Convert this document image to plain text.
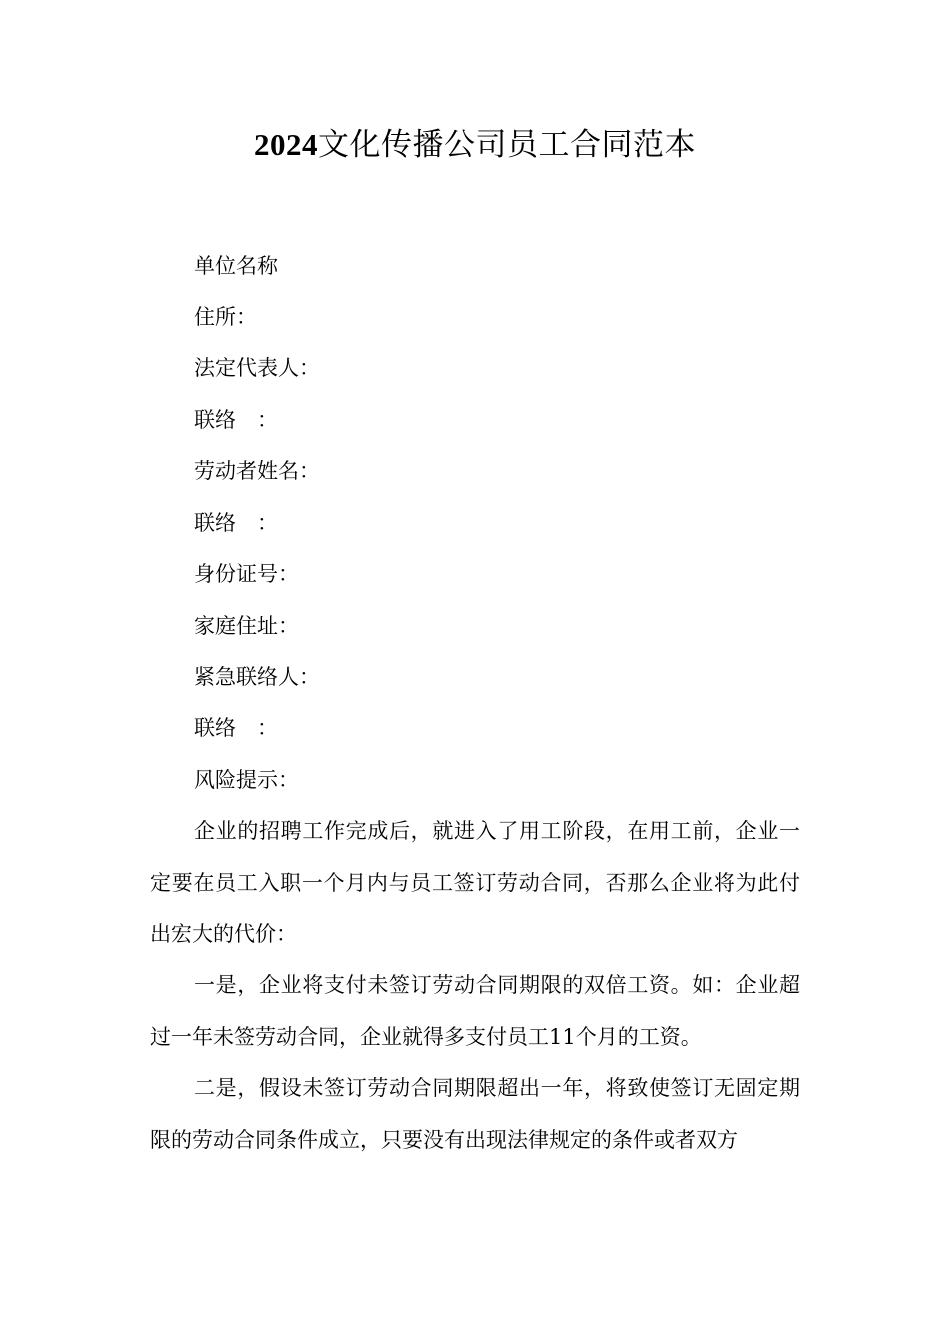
2024文化传播公司员工合同范本

单位名称

住所：

法定代表人：

联络　：

劳动者姓名：

联络　：

身份证号：

家庭住址：

紧急联络人：

联络　：

风险提示：

企业的招聘工作完成后，就进入了用工阶段，在用工前，企业一定要在员工入职一个月内与员工签订劳动合同，否那么企业将为此付出宏大的代价：

一是，企业将支付未签订劳动合同期限的双倍工资。如：企业超过一年未签劳动合同，企业就得多支付员工11个月的工资。

二是，假设未签订劳动合同期限超出一年，将致使签订无固定期限的劳动合同条件成立，只要没有出现法律规定的条件或者双方
